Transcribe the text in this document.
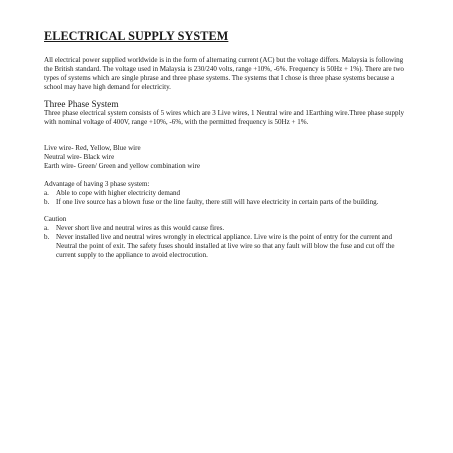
ELECTRICAL SUPPLY SYSTEM

All electrical power supplied worldwide is in the form of alternating current (AC) but the voltage differs. Malaysia is following the British standard. The voltage used in Malaysia is 230/240 volts, range +10%, -6%. Frequency is 50Hz + 1%). There are two types of systems which are single phrase and three phase systems. The systems that I chose is three phase systems because a school may have high demand for electricity.

Three Phase System

Three phase electrical system consists of 5 wires which are 3 Live wires, 1 Neutral wire and 1Earthing wire.Three phase supply with nominal voltage of 400V, range +10%, -6%, with the permitted frequency is 50Hz + 1%.

Live wire- Red, Yellow, Blue wire
Neutral wire- Black wire
Earth wire- Green/ Green and yellow combination wire
Advantage of having 3 phase system:
a. Able to cope with higher electricity demand
b. If one live source has a blown fuse or the line faulty, there still will have electricity in certain parts of the building.
Caution
a. Never short live and neutral wires as this would cause fires.
b. Never installed live and neutral wires wrongly in electrical appliance. Live wire is the point of entry for the current and Neutral the point of exit. The safety fuses should installed at live wire so that any fault will blow the fuse and cut off the current supply to the appliance to avoid electrocution.
